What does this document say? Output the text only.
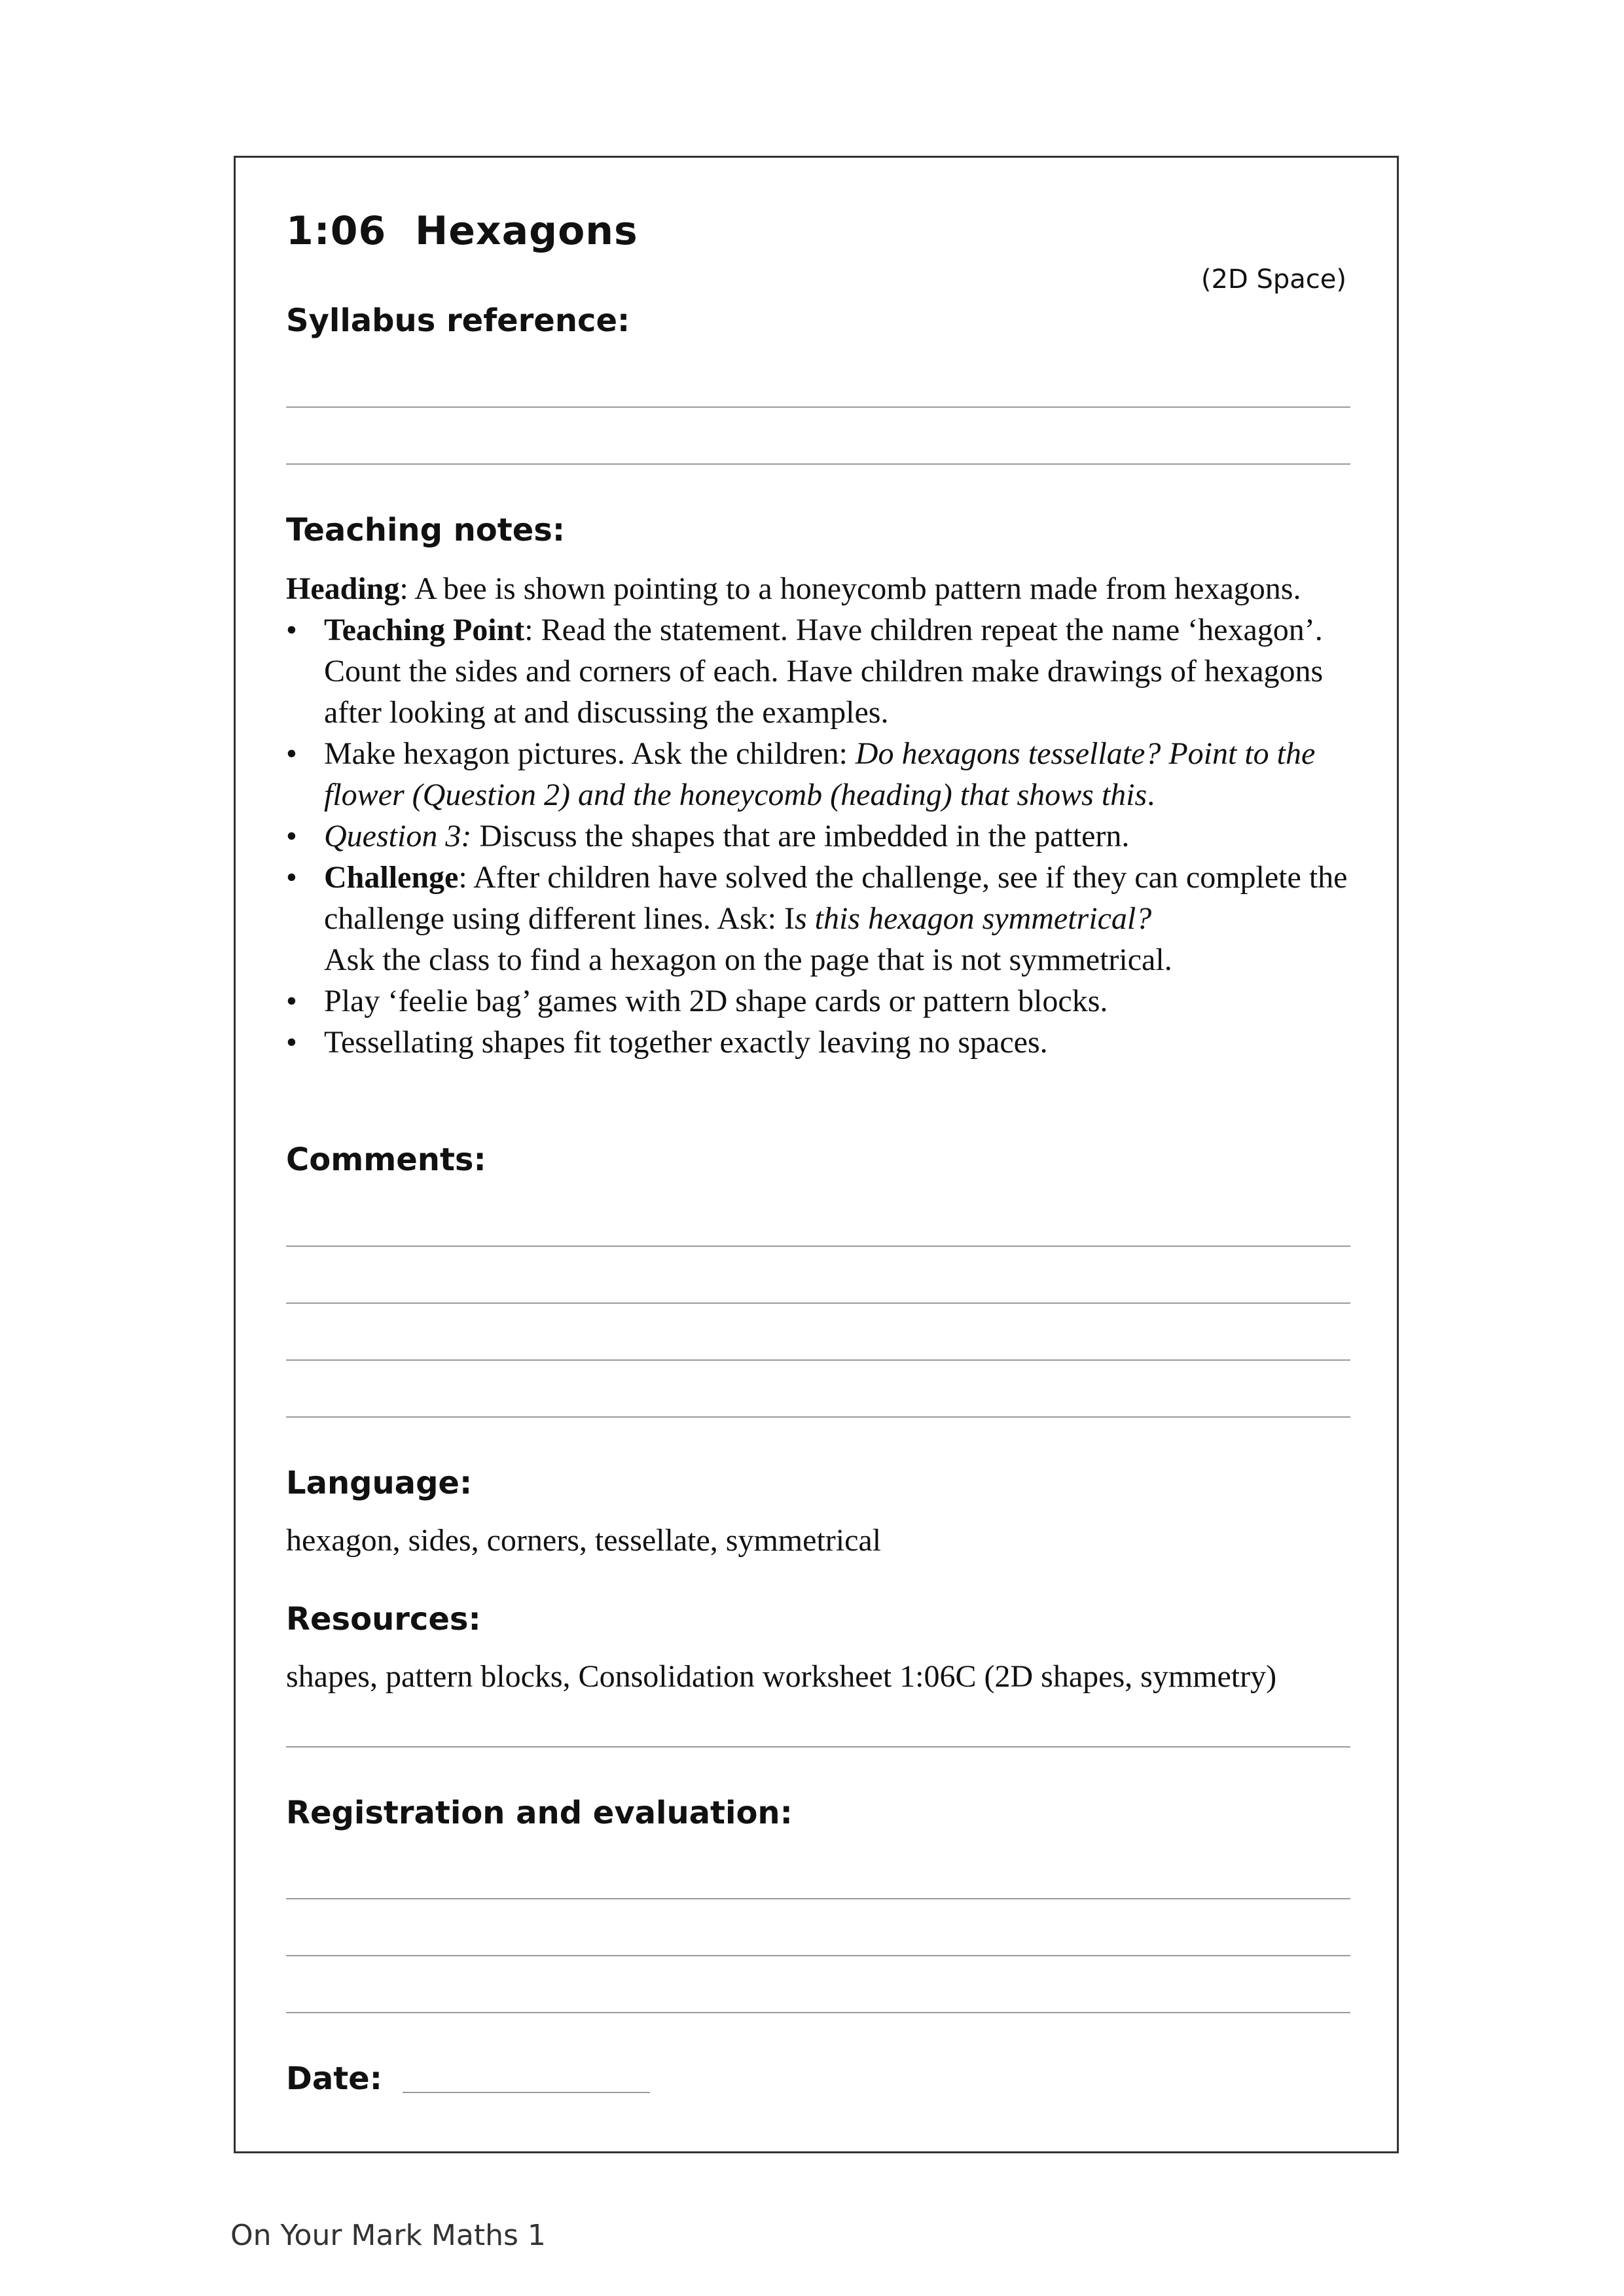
1:06  Hexagons
(2D Space)
Syllabus reference:
Teaching notes:

Heading: A bee is shown pointing to a honeycomb pattern made from hexagons.

• Teaching Point: Read the statement. Have children repeat the name ‘hexagon’. Count the sides and corners of each. Have children make drawings of hexagons after looking at and discussing the examples.
• Make hexagon pictures. Ask the children: Do hexagons tessellate? Point to the flower (Question 2) and the honeycomb (heading) that shows this.
• Question 3: Discuss the shapes that are imbedded in the pattern.
• Challenge: After children have solved the challenge, see if they can complete the challenge using different lines. Ask: Is this hexagon symmetrical?
Ask the class to find a hexagon on the page that is not symmetrical.
• Play ‘feelie bag’ games with 2D shape cards or pattern blocks.
• Tessellating shapes fit together exactly leaving no spaces.
Comments:
Language:
hexagon, sides, corners, tessellate, symmetrical
Resources:
shapes, pattern blocks, Consolidation worksheet 1:06C (2D shapes, symmetry)
Registration and evaluation:
Date:
On Your Mark Maths 1
